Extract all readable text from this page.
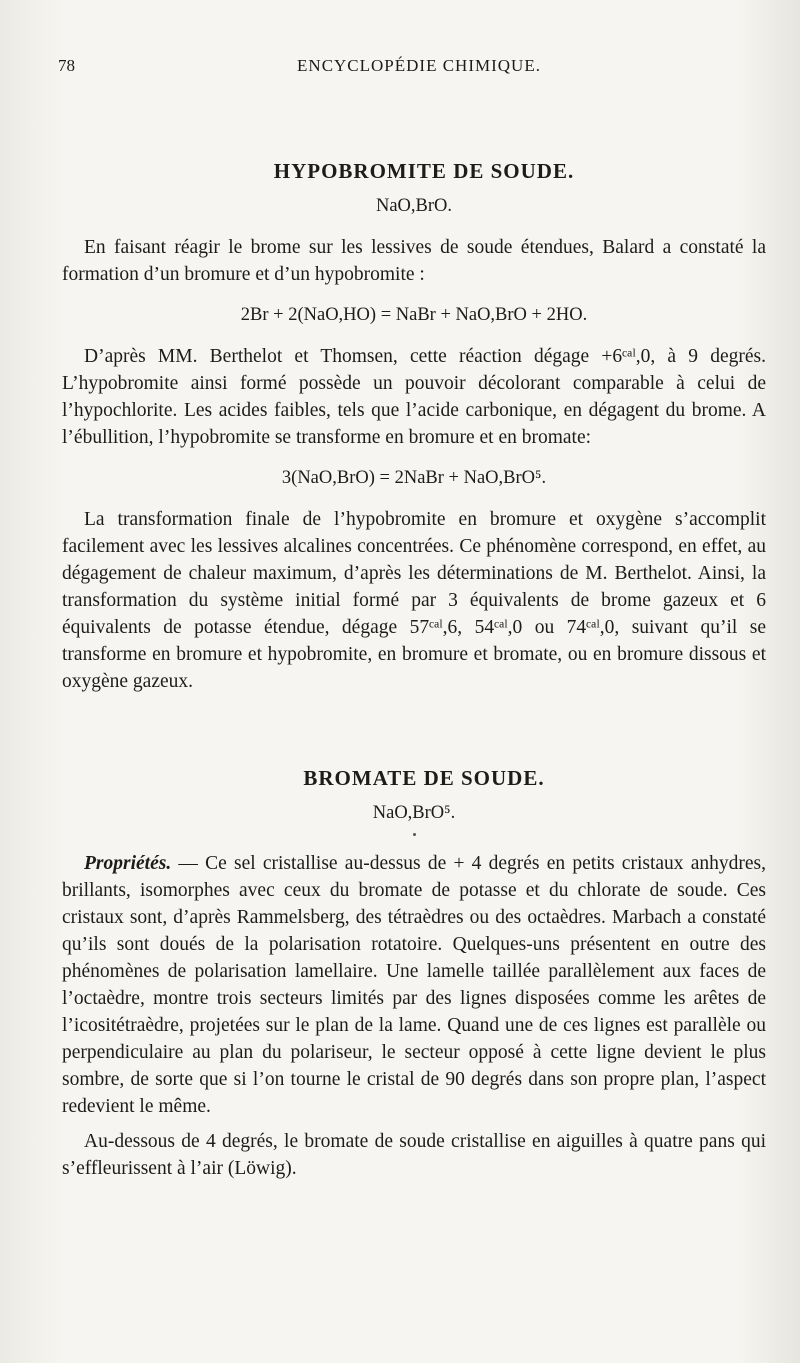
78	ENCYCLOPÉDIE CHIMIQUE.
HYPOBROMITE DE SOUDE.
NaO,BrO.

En faisant réagir le brome sur les lessives de soude étendues, Balard a constaté la formation d’un bromure et d’un hypobromite :

2Br + 2(NaO,HO) = NaBr + NaO,BrO + 2HO.

D’après MM. Berthelot et Thomsen, cette réaction dégage +6ᶜᵃˡ,0, à 9 degrés. L’hypobromite ainsi formé possède un pouvoir décolorant comparable à celui de l’hypochlorite. Les acides faibles, tels que l’acide carbonique, en dégagent du brome. A l’ébullition, l’hypobromite se transforme en bromure et en bromate:

3(NaO,BrO) = 2NaBr + NaO,BrO⁵.

La transformation finale de l’hypobromite en bromure et oxygène s’accomplit facilement avec les lessives alcalines concentrées. Ce phénomène correspond, en effet, au dégagement de chaleur maximum, d’après les déterminations de M. Berthelot. Ainsi, la transformation du système initial formé par 3 équivalents de brome gazeux et 6 équivalents de potasse étendue, dégage 57ᶜᵃˡ,6, 54ᶜᵃˡ,0 ou 74ᶜᵃˡ,0, suivant qu’il se transforme en bromure et hypobromite, en bromure et bromate, ou en bromure dissous et oxygène gazeux.

BROMATE DE SOUDE.
NaO,BrO⁵.

Propriétés. — Ce sel cristallise au-dessus de + 4 degrés en petits cristaux anhydres, brillants, isomorphes avec ceux du bromate de potasse et du chlorate de soude. Ces cristaux sont, d’après Rammelsberg, des tétraèdres ou des octaèdres. Marbach a constaté qu’ils sont doués de la polarisation rotatoire. Quelques-uns présentent en outre des phénomènes de polarisation lamellaire. Une lamelle taillée parallèlement aux faces de l’octaèdre, montre trois secteurs limités par des lignes disposées comme les arêtes de l’icositétraèdre, projetées sur le plan de la lame. Quand une de ces lignes est parallèle ou perpendiculaire au plan du polariseur, le secteur opposé à cette ligne devient le plus sombre, de sorte que si l’on tourne le cristal de 90 degrés dans son propre plan, l’aspect redevient le même.

Au-dessous de 4 degrés, le bromate de soude cristallise en aiguilles à quatre pans qui s’effleurissent à l’air (Löwig).
